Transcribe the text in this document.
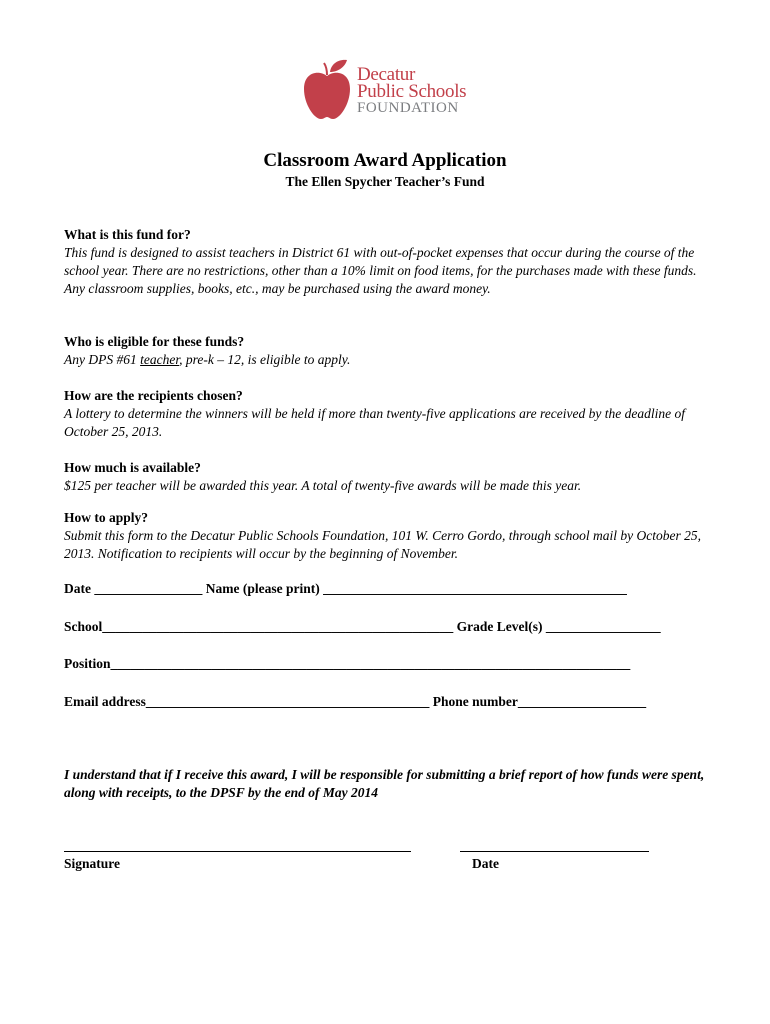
Decatur
Public Schools
FOUNDATION
Classroom Award Application
The Ellen Spycher Teacher’s Fund
What is this fund for?
This fund is designed to assist teachers in District 61 with out-of-pocket expenses that occur during the course of the school year. There are no restrictions, other than a 10% limit on food items, for the purchases made with these funds. Any classroom supplies, books, etc., may be purchased using the award money.
Who is eligible for these funds?
Any DPS #61 teacher, pre-k – 12, is eligible to apply.
How are the recipients chosen?
A lottery to determine the winners will be held if more than twenty-five applications are received by the deadline of October 25, 2013.
How much is available?
$125 per teacher will be awarded this year. A total of twenty-five awards will be made this year.
How to apply?
Submit this form to the Decatur Public Schools Foundation, 101 W. Cerro Gordo, through school mail by October 25, 2013. Notification to recipients will occur by the beginning of November.
Date ________________ Name (please print) _____________________________________________
School____________________________________________________ Grade Level(s) _________________
Position_____________________________________________________________________________
Email address__________________________________________ Phone number___________________
I understand that if I receive this award, I will be responsible for submitting a brief report of how funds were spent, along with receipts, to the DPSF by the end of May 2014
Signature	Date
